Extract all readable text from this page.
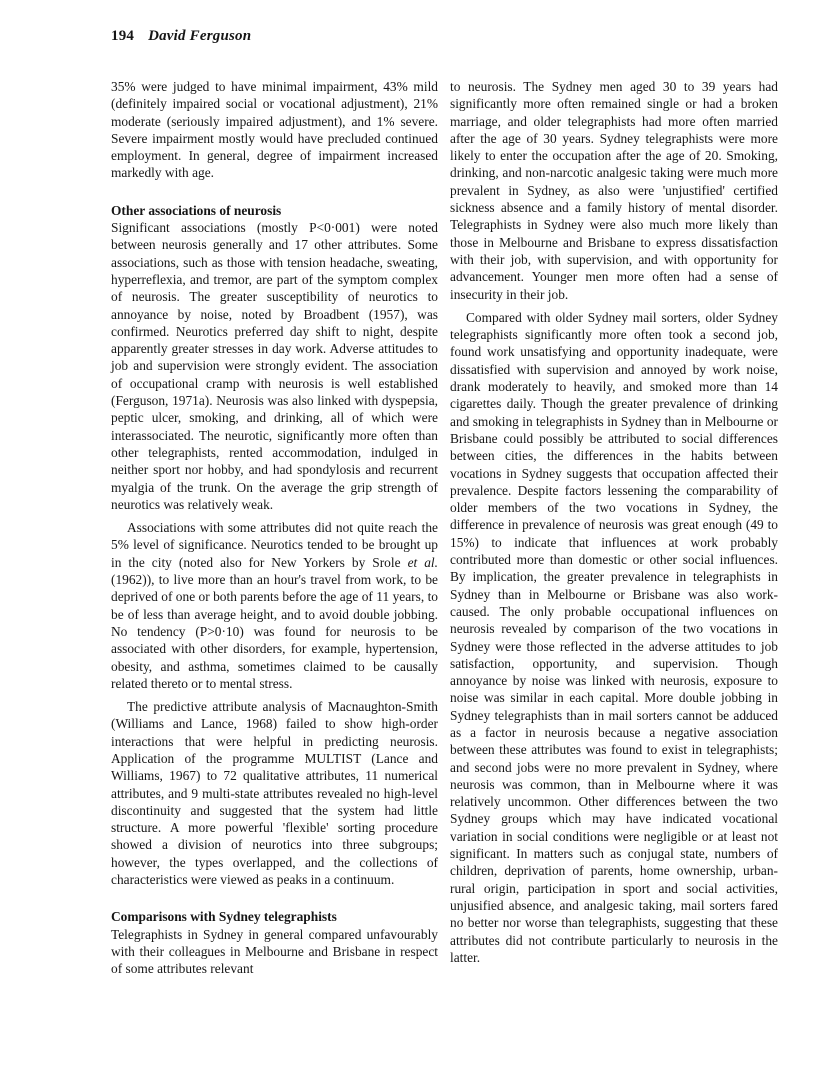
194 David Ferguson

35% were judged to have minimal impairment, 43% mild (definitely impaired social or vocational adjustment), 21% moderate (seriously impaired adjustment), and 1% severe. Severe impairment mostly would have precluded continued employment. In general, degree of impairment increased markedly with age.

Other associations of neurosis

Significant associations (mostly P<0·001) were noted between neurosis generally and 17 other attributes. Some associations, such as those with tension headache, sweating, hyperreflexia, and tremor, are part of the symptom complex of neurosis. The greater susceptibility of neurotics to annoyance by noise, noted by Broadbent (1957), was confirmed. Neurotics preferred day shift to night, despite apparently greater stresses in day work. Adverse attitudes to job and supervision were strongly evident. The association of occupational cramp with neurosis is well established (Ferguson, 1971a). Neurosis was also linked with dyspepsia, peptic ulcer, smoking, and drinking, all of which were interassociated. The neurotic, significantly more often than other telegraphists, rented accommodation, indulged in neither sport nor hobby, and had spondylosis and recurrent myalgia of the trunk. On the average the grip strength of neurotics was relatively weak.

Associations with some attributes did not quite reach the 5% level of significance. Neurotics tended to be brought up in the city (noted also for New Yorkers by Srole et al. (1962)), to live more than an hour's travel from work, to be deprived of one or both parents before the age of 11 years, to be of less than average height, and to avoid double jobbing. No tendency (P>0·10) was found for neurosis to be associated with other disorders, for example, hypertension, obesity, and asthma, sometimes claimed to be causally related thereto or to mental stress.

The predictive attribute analysis of Macnaughton-Smith (Williams and Lance, 1968) failed to show high-order interactions that were helpful in predicting neurosis. Application of the programme MULTIST (Lance and Williams, 1967) to 72 qualitative attributes, 11 numerical attributes, and 9 multi-state attributes revealed no high-level discontinuity and suggested that the system had little structure. A more powerful 'flexible' sorting procedure showed a division of neurotics into three subgroups; however, the types overlapped, and the collections of characteristics were viewed as peaks in a continuum.

Comparisons with Sydney telegraphists

Telegraphists in Sydney in general compared unfavourably with their colleagues in Melbourne and Brisbane in respect of some attributes relevant

to neurosis. The Sydney men aged 30 to 39 years had significantly more often remained single or had a broken marriage, and older telegraphists had more often married after the age of 30 years. Sydney telegraphists were more likely to enter the occupation after the age of 20. Smoking, drinking, and non-narcotic analgesic taking were much more prevalent in Sydney, as also were 'unjustified' certified sickness absence and a family history of mental disorder. Telegraphists in Sydney were also much more likely than those in Melbourne and Brisbane to express dissatisfaction with their job, with supervision, and with opportunity for advancement. Younger men more often had a sense of insecurity in their job.

Compared with older Sydney mail sorters, older Sydney telegraphists significantly more often took a second job, found work unsatisfying and opportunity inadequate, were dissatisfied with supervision and annoyed by work noise, drank moderately to heavily, and smoked more than 14 cigarettes daily. Though the greater prevalence of drinking and smoking in telegraphists in Sydney than in Melbourne or Brisbane could possibly be attributed to social differences between cities, the differences in the habits between vocations in Sydney suggests that occupation affected their prevalence. Despite factors lessening the comparability of older members of the two vocations in Sydney, the difference in prevalence of neurosis was great enough (49 to 15%) to indicate that influences at work probably contributed more than domestic or other social influences. By implication, the greater prevalence in telegraphists in Sydney than in Melbourne or Brisbane was also work-caused. The only probable occupational influences on neurosis revealed by comparison of the two vocations in Sydney were those reflected in the adverse attitudes to job satisfaction, opportunity, and supervision. Though annoyance by noise was linked with neurosis, exposure to noise was similar in each capital. More double jobbing in Sydney telegraphists than in mail sorters cannot be adduced as a factor in neurosis because a negative association between these attributes was found to exist in telegraphists; and second jobs were no more prevalent in Sydney, where neurosis was common, than in Melbourne where it was relatively uncommon. Other differences between the two Sydney groups which may have indicated vocational variation in social conditions were negligible or at least not significant. In matters such as conjugal state, numbers of children, deprivation of parents, home ownership, urban-rural origin, participation in sport and social activities, unjusified absence, and analgesic taking, mail sorters fared no better nor worse than telegraphists, suggesting that these attributes did not contribute particularly to neurosis in the latter.
